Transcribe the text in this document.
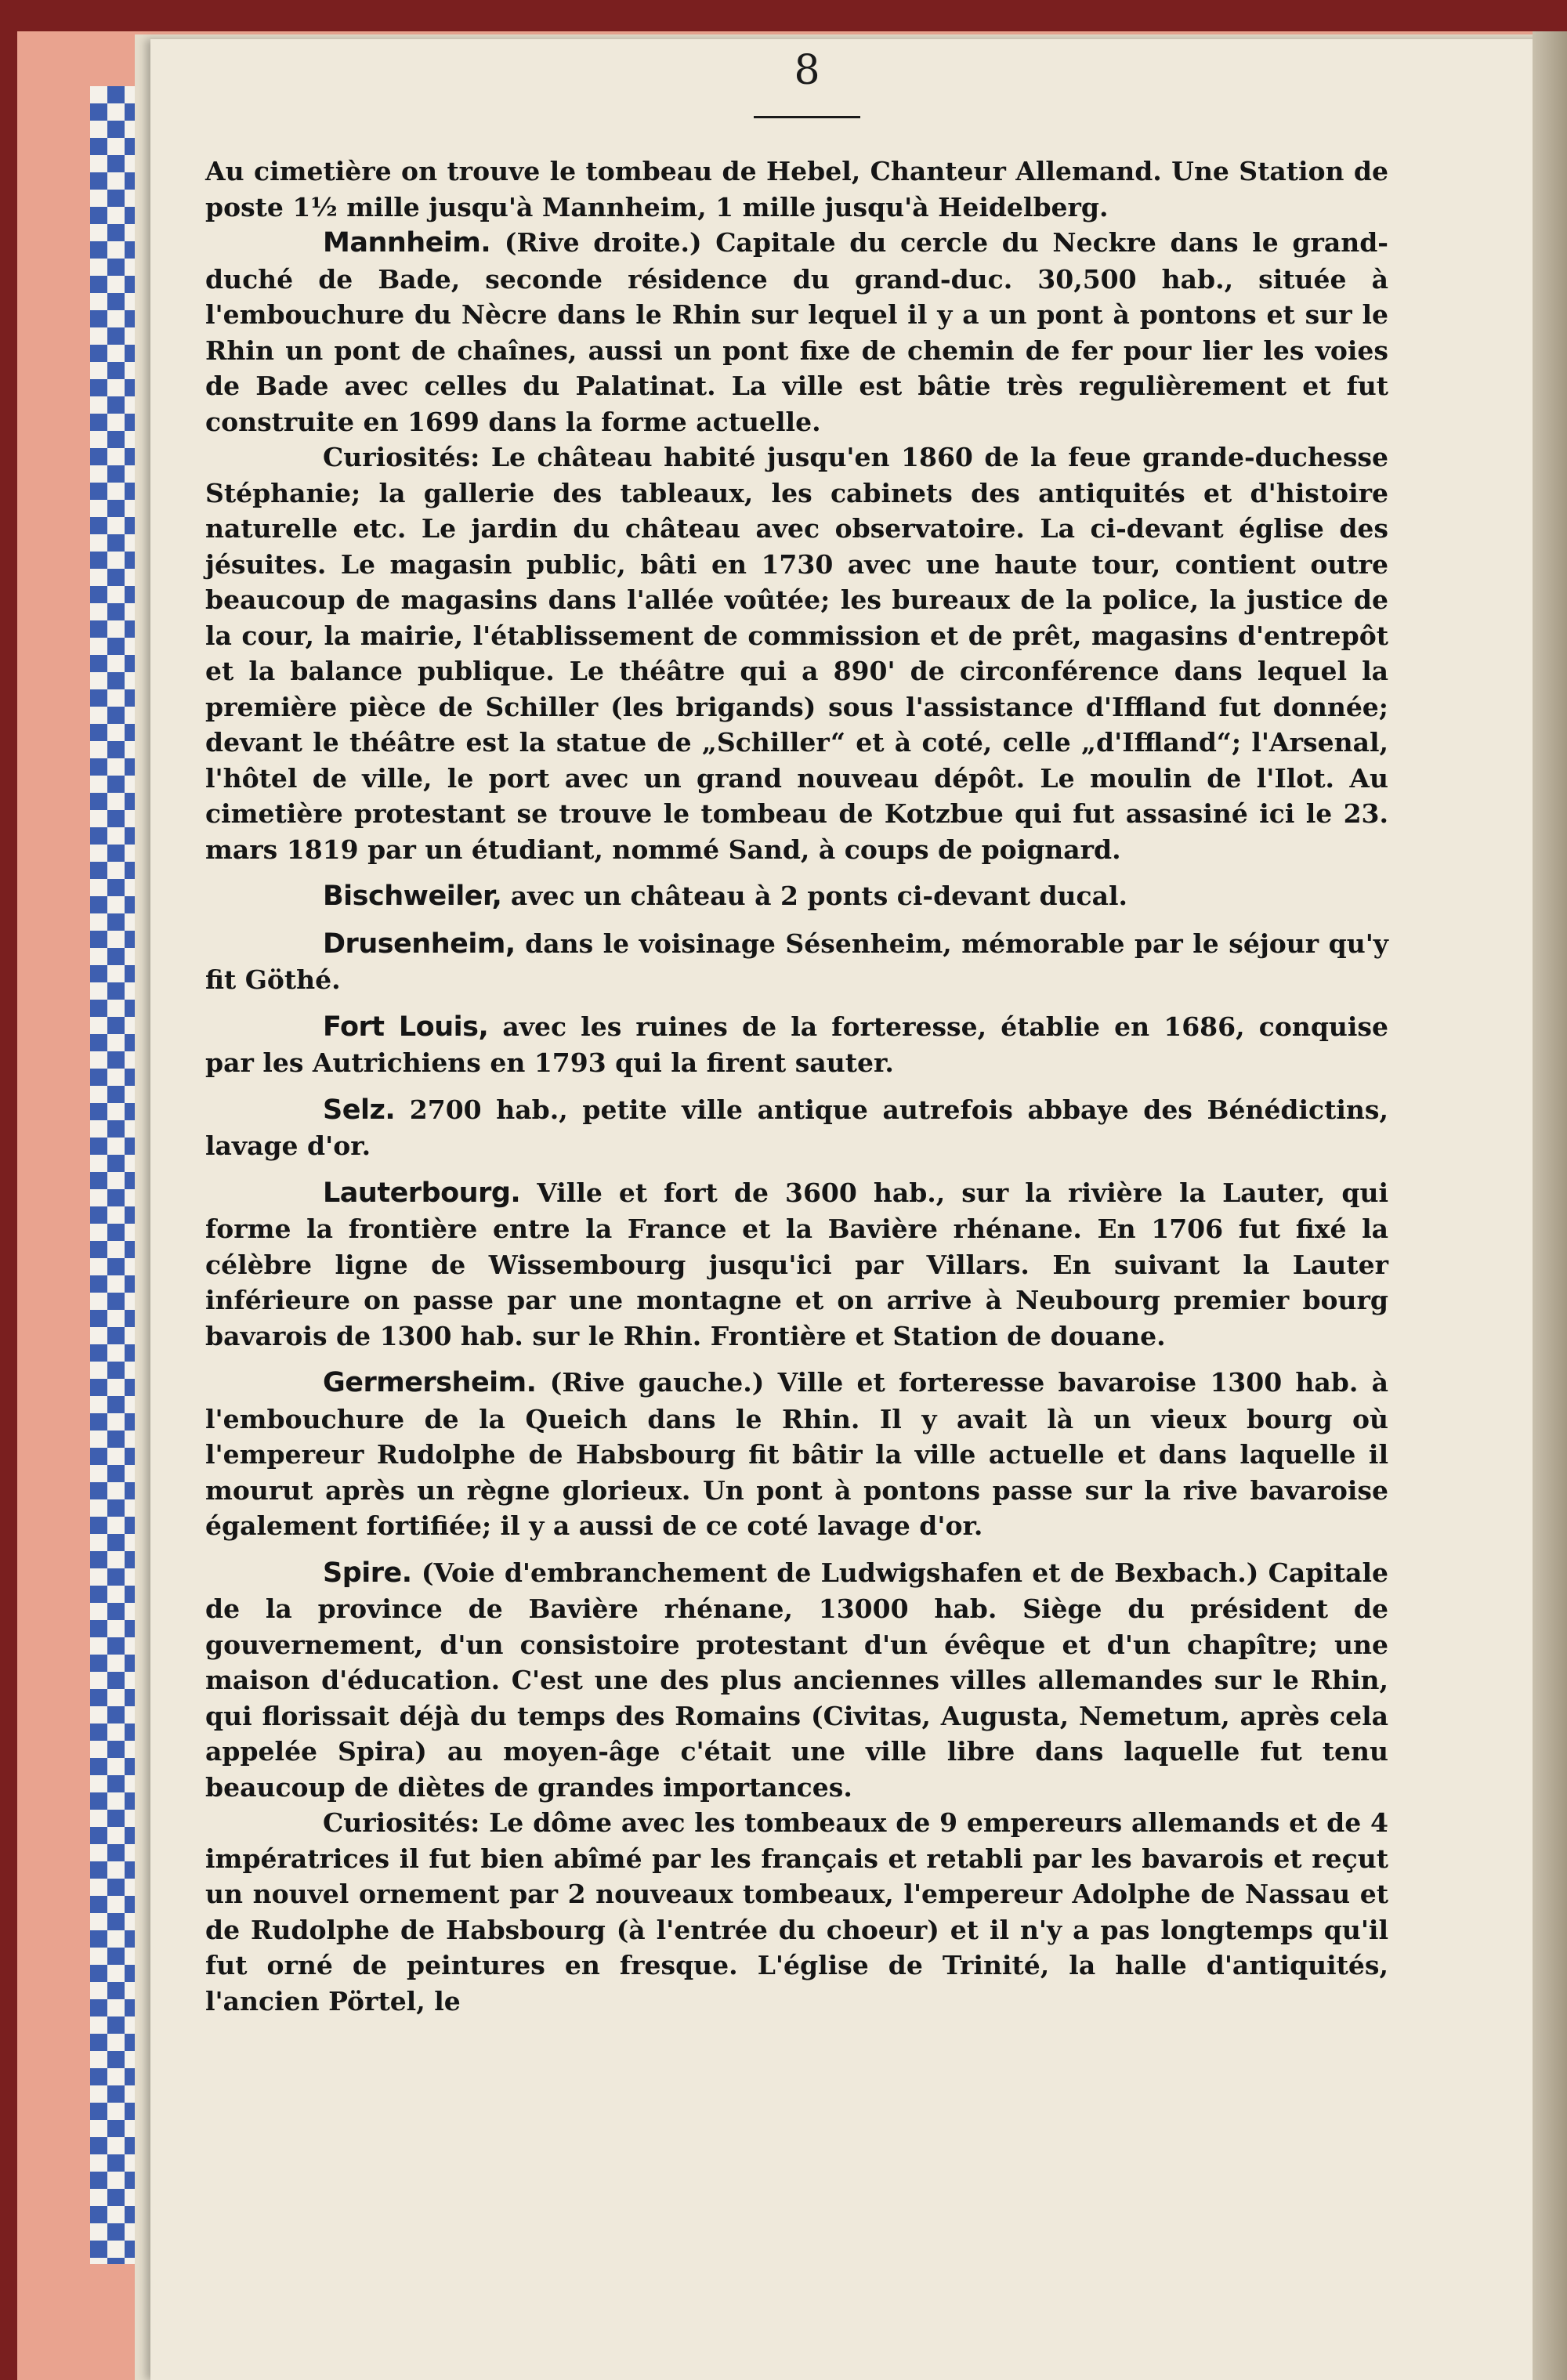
8

Au cimetière on trouve le tombeau de Hebel, Chanteur Allemand. Une Station de poste 1½ mille jusqu'à Mannheim, 1 mille jusqu'à Heidelberg.

Mannheim. (Rive droite.) Capitale du cercle du Neckre dans le grand-duché de Bade, seconde résidence du grand-duc. 30,500 hab., située à l'embouchure du Nècre dans le Rhin sur lequel il y a un pont à pontons et sur le Rhin un pont de chaînes, aussi un pont fixe de chemin de fer pour lier les voies de Bade avec celles du Palatinat. La ville est bâtie très regulièrement et fut construite en 1699 dans la forme actuelle.

Curiosités: Le château habité jusqu'en 1860 de la feue grande-duchesse Stéphanie; la gallerie des tableaux, les cabinets des antiquités et d'histoire naturelle etc. Le jardin du château avec observatoire. La ci-devant église des jésuites. Le magasin public, bâti en 1730 avec une haute tour, contient outre beaucoup de magasins dans l'allée voûtée; les bureaux de la police, la justice de la cour, la mairie, l'établissement de commission et de prêt, magasins d'entrepôt et la balance publique. Le théâtre qui a 890' de circonférence dans lequel la première pièce de Schiller (les brigands) sous l'assistance d'Iffland fut donnée; devant le théâtre est la statue de „Schiller“ et à coté, celle „d'Iffland“; l'Arsenal, l'hôtel de ville, le port avec un grand nouveau dépôt. Le moulin de l'Ilot. Au cimetière protestant se trouve le tombeau de Kotzbue qui fut assasiné ici le 23. mars 1819 par un étudiant, nommé Sand, à coups de poignard.

Bischweiler, avec un château à 2 ponts ci-devant ducal.

Drusenheim, dans le voisinage Sésenheim, mémorable par le séjour qu'y fit Göthé.

Fort Louis, avec les ruines de la forteresse, établie en 1686, conquise par les Autrichiens en 1793 qui la firent sauter.

Selz. 2700 hab., petite ville antique autrefois abbaye des Bénédictins, lavage d'or.

Lauterbourg. Ville et fort de 3600 hab., sur la rivière la Lauter, qui forme la frontière entre la France et la Bavière rhénane. En 1706 fut fixé la célèbre ligne de Wissembourg jusqu'ici par Villars. En suivant la Lauter inférieure on passe par une montagne et on arrive à Neubourg premier bourg bavarois de 1300 hab. sur le Rhin. Frontière et Station de douane.

Germersheim. (Rive gauche.) Ville et forteresse bavaroise 1300 hab. à l'embouchure de la Queich dans le Rhin. Il y avait là un vieux bourg où l'empereur Rudolphe de Habsbourg fit bâtir la ville actuelle et dans laquelle il mourut après un règne glorieux. Un pont à pontons passe sur la rive bavaroise également fortifiée; il y a aussi de ce coté lavage d'or.

Spire. (Voie d'embranchement de Ludwigshafen et de Bexbach.) Capitale de la province de Bavière rhénane, 13000 hab. Siège du président de gouvernement, d'un consistoire protestant d'un évêque et d'un chapître; une maison d'éducation. C'est une des plus anciennes villes allemandes sur le Rhin, qui florissait déjà du temps des Romains (Civitas, Augusta, Nemetum, après cela appelée Spira) au moyen-âge c'était une ville libre dans laquelle fut tenu beaucoup de diètes de grandes importances.

Curiosités: Le dôme avec les tombeaux de 9 empereurs allemands et de 4 impératrices il fut bien abîmé par les français et retabli par les bavarois et reçut un nouvel ornement par 2 nouveaux tombeaux, l'empereur Adolphe de Nassau et de Rudolphe de Habsbourg (à l'entrée du choeur) et il n'y a pas longtemps qu'il fut orné de peintures en fresque. L'église de Trinité, la halle d'antiquités, l'ancien Pörtel, le
